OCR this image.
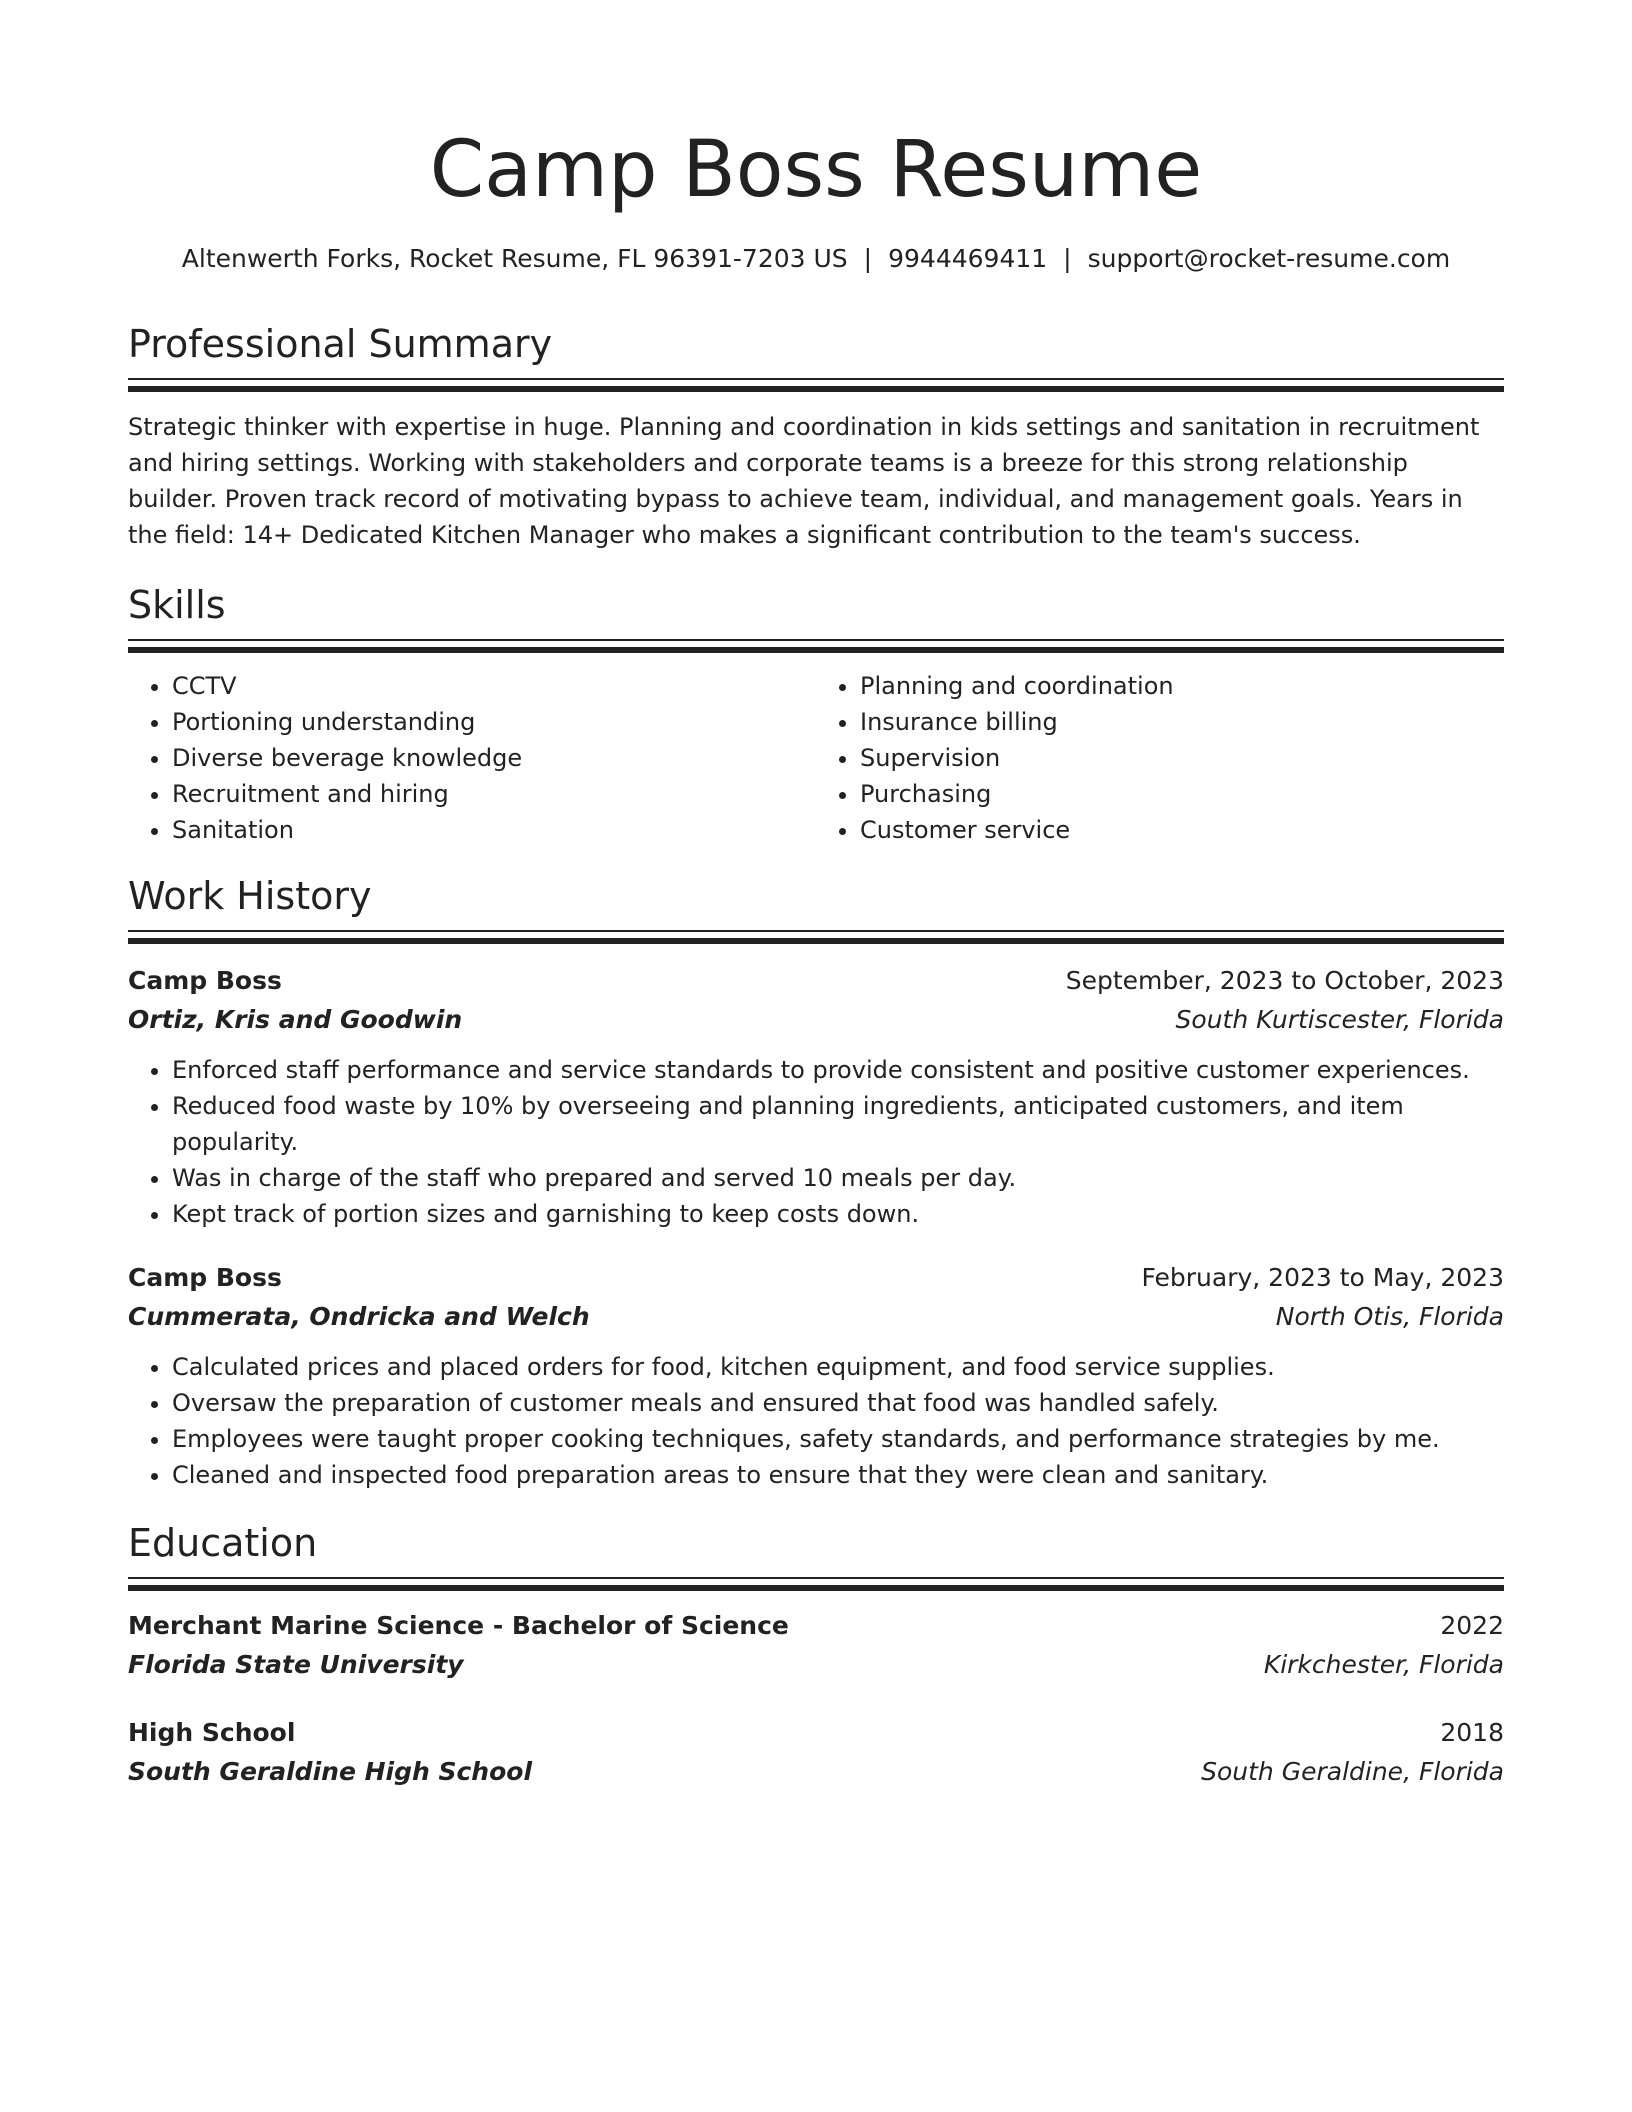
Camp Boss Resume
Altenwerth Forks, Rocket Resume, FL 96391-7203 US | 9944469411 | support@rocket-resume.com
Professional Summary

Strategic thinker with expertise in huge. Planning and coordination in kids settings and sanitation in recruitment and hiring settings. Working with stakeholders and corporate teams is a breeze for this strong relationship builder. Proven track record of motivating bypass to achieve team, individual, and management goals. Years in the field: 14+ Dedicated Kitchen Manager who makes a significant contribution to the team's success.

Skills
• CCTV
• Portioning understanding
• Diverse beverage knowledge
• Recruitment and hiring
• Sanitation
• Planning and coordination
• Insurance billing
• Supervision
• Purchasing
• Customer service
Work History
Camp Boss	September, 2023 to October, 2023
Ortiz, Kris and Goodwin	South Kurtiscester, Florida
• Enforced staff performance and service standards to provide consistent and positive customer experiences.
• Reduced food waste by 10% by overseeing and planning ingredients, anticipated customers, and item popularity.
• Was in charge of the staff who prepared and served 10 meals per day.
• Kept track of portion sizes and garnishing to keep costs down.
Camp Boss	February, 2023 to May, 2023
Cummerata, Ondricka and Welch	North Otis, Florida
• Calculated prices and placed orders for food, kitchen equipment, and food service supplies.
• Oversaw the preparation of customer meals and ensured that food was handled safely.
• Employees were taught proper cooking techniques, safety standards, and performance strategies by me.
• Cleaned and inspected food preparation areas to ensure that they were clean and sanitary.
Education
Merchant Marine Science - Bachelor of Science	2022
Florida State University	Kirkchester, Florida
High School	2018
South Geraldine High School	South Geraldine, Florida
